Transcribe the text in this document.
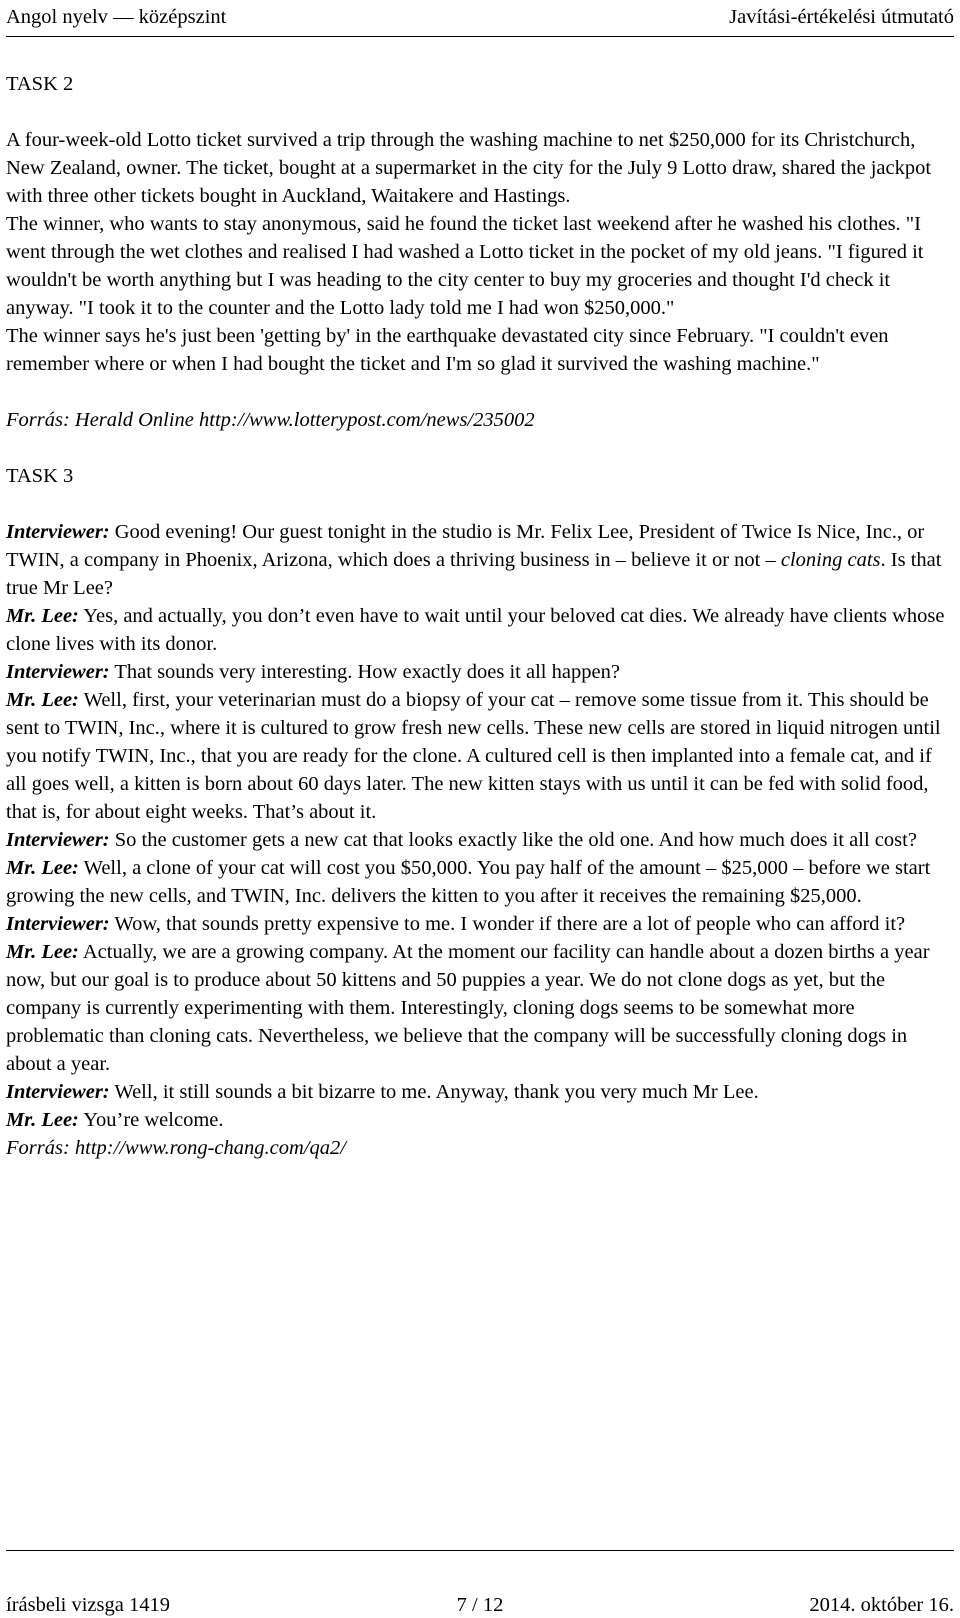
Angol nyelv — középszint	Javítási-értékelési útmutató

TASK 2

A four-week-old Lotto ticket survived a trip through the washing machine to net $250,000 for its Christchurch, New Zealand, owner. The ticket, bought at a supermarket in the city for the July 9 Lotto draw, shared the jackpot with three other tickets bought in Auckland, Waitakere and Hastings.

The winner, who wants to stay anonymous, said he found the ticket last weekend after he washed his clothes. "I went through the wet clothes and realised I had washed a Lotto ticket in the pocket of my old jeans. "I figured it wouldn't be worth anything but I was heading to the city center to buy my groceries and thought I'd check it anyway. "I took it to the counter and the Lotto lady told me I had won $250,000."

The winner says he's just been 'getting by' in the earthquake devastated city since February. "I couldn't even remember where or when I had bought the ticket and I'm so glad it survived the washing machine."

Forrás: Herald Online http://www.lotterypost.com/news/235002

TASK 3

Interviewer: Good evening! Our guest tonight in the studio is Mr. Felix Lee, President of Twice Is Nice, Inc., or TWIN, a company in Phoenix, Arizona, which does a thriving business in – believe it or not – cloning cats. Is that true Mr Lee?

Mr. Lee: Yes, and actually, you don’t even have to wait until your beloved cat dies. We already have clients whose clone lives with its donor.

Interviewer: That sounds very interesting. How exactly does it all happen?

Mr. Lee: Well, first, your veterinarian must do a biopsy of your cat – remove some tissue from it. This should be sent to TWIN, Inc., where it is cultured to grow fresh new cells. These new cells are stored in liquid nitrogen until you notify TWIN, Inc., that you are ready for the clone. A cultured cell is then implanted into a female cat, and if all goes well, a kitten is born about 60 days later. The new kitten stays with us until it can be fed with solid food, that is, for about eight weeks. That’s about it.

Interviewer: So the customer gets a new cat that looks exactly like the old one. And how much does it all cost?

Mr. Lee: Well, a clone of your cat will cost you $50,000. You pay half of the amount – $25,000 – before we start growing the new cells, and TWIN, Inc. delivers the kitten to you after it receives the remaining $25,000.

Interviewer: Wow, that sounds pretty expensive to me. I wonder if there are a lot of people who can afford it?

Mr. Lee: Actually, we are a growing company. At the moment our facility can handle about a dozen births a year now, but our goal is to produce about 50 kittens and 50 puppies a year. We do not clone dogs as yet, but the company is currently experimenting with them. Interestingly, cloning dogs seems to be somewhat more problematic than cloning cats. Nevertheless, we believe that the company will be successfully cloning dogs in about a year.

Interviewer: Well, it still sounds a bit bizarre to me. Anyway, thank you very much Mr Lee.

Mr. Lee: You’re welcome.

Forrás: http://www.rong-chang.com/qa2/

írásbeli vizsga 1419	7 / 12	2014. október 16.
